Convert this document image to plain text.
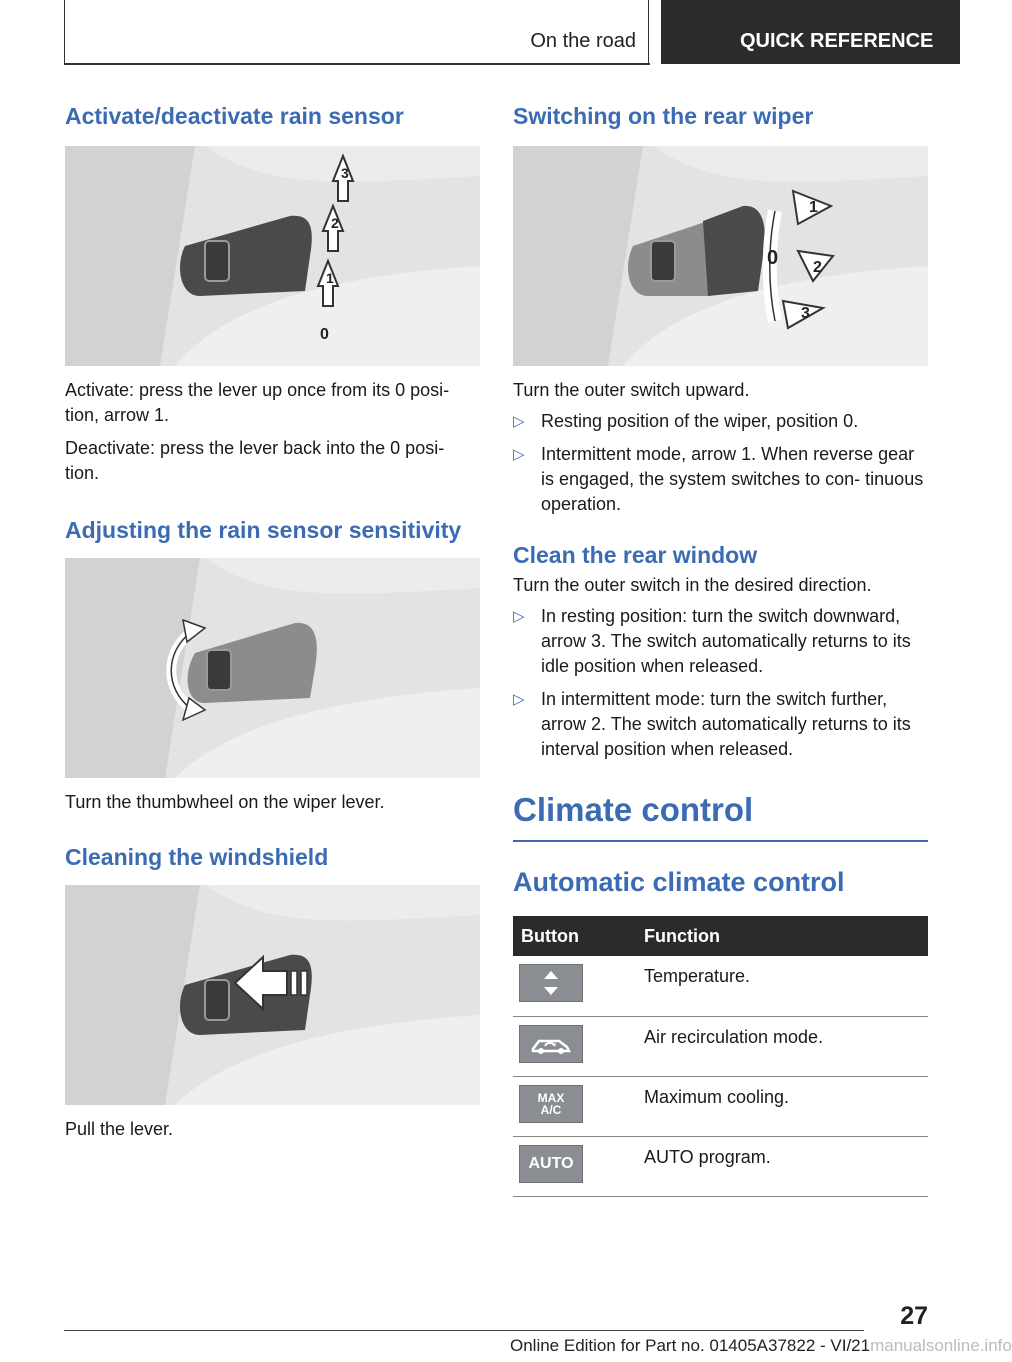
On the road	QUICK REFERENCE
Activate/deactivate rain sensor
3
2
1
0

Activate: press the lever up once from its 0 posi- tion, arrow 1.

Deactivate: press the lever back into the 0 posi- tion.

Adjusting the rain sensor sensitivity

Turn the thumbwheel on the wiper lever.

Cleaning the windshield

Pull the lever.

Switching on the rear wiper
1
0 2
3

Turn the outer switch upward.

▷ Resting position of the wiper, position 0.
▷ Intermittent mode, arrow 1. When reverse gear is engaged, the system switches to con- tinuous operation.
Clean the rear window

Turn the outer switch in the desired direction.

▷ In resting position: turn the switch downward, arrow 3. The switch automatically returns to its idle position when released.
▷ In intermittent mode: turn the switch further, arrow 2. The switch automatically returns to its interval position when released.
Climate control
Automatic climate control
Button	Function

	Temperature.

	Air recirculation mode.

MAX
A/C	Maximum cooling.

AUTO	AUTO program.
27
Online Edition for Part no. 01405A37822 - VI/21manualsonline.info
